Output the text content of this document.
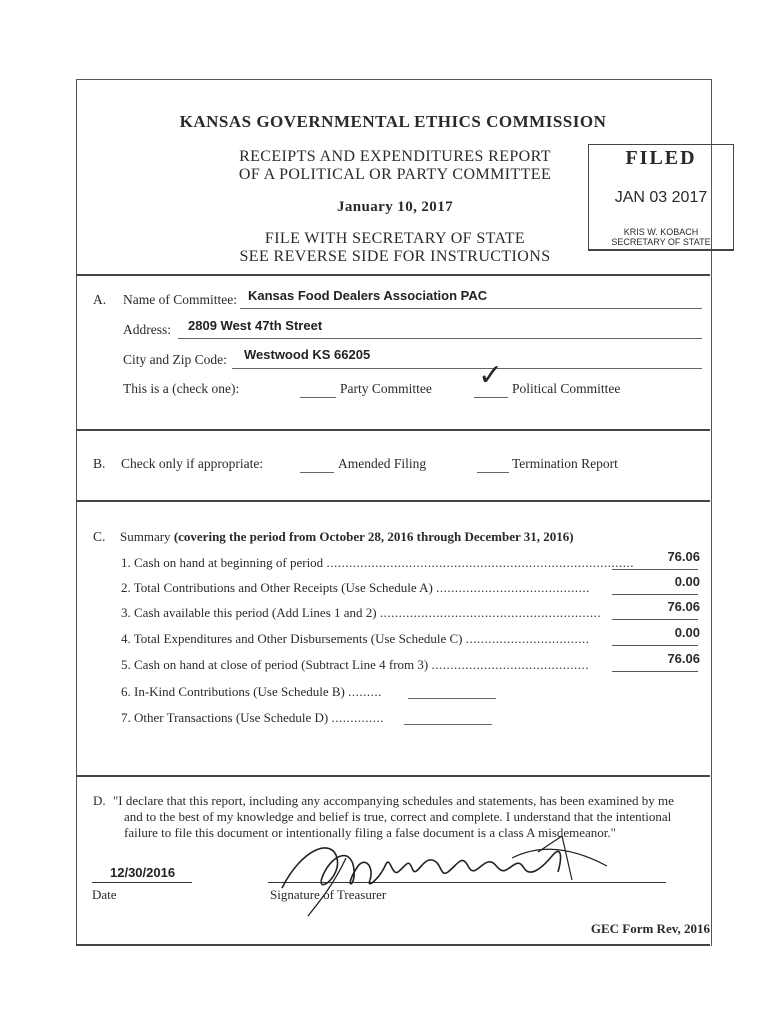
KANSAS GOVERNMENTAL ETHICS COMMISSION
RECEIPTS AND EXPENDITURES REPORT
OF A POLITICAL OR PARTY COMMITTEE
January 10, 2017
FILE WITH SECRETARY OF STATE
SEE REVERSE SIDE FOR INSTRUCTIONS
FILED
JAN 03 2017
KRIS W. KOBACH
SECRETARY OF STATE
A. Name of Committee: Kansas Food Dealers Association PAC
Address: 2809 West 47th Street
City and Zip Code: Westwood KS 66205
This is a (check one):	Party Committee ✓ Political Committee
B. Check only if appropriate:	Amended Filing	Termination Report
C. Summary (covering the period from October 28, 2016 through December 31, 2016)
1. Cash on hand at beginning of period ..................................................................................	76.06
2. Total Contributions and Other Receipts (Use Schedule A) .........................................	0.00
3. Cash available this period (Add Lines 1 and 2) ...........................................................	76.06
4. Total Expenditures and Other Disbursements (Use Schedule C) .................................	0.00
5. Cash on hand at close of period (Subtract Line 4 from 3) ..........................................	76.06
6. In-Kind Contributions (Use Schedule B) .........
7. Other Transactions (Use Schedule D) ..............
D. "I declare that this report, including any accompanying schedules and statements, has been examined by me
and to the best of my knowledge and belief is true, correct and complete. I understand that the intentional
failure to file this document or intentionally filing a false document is a class A misdemeanor."
12/30/2016
Date	Signature of Treasurer
GEC Form Rev, 2016
